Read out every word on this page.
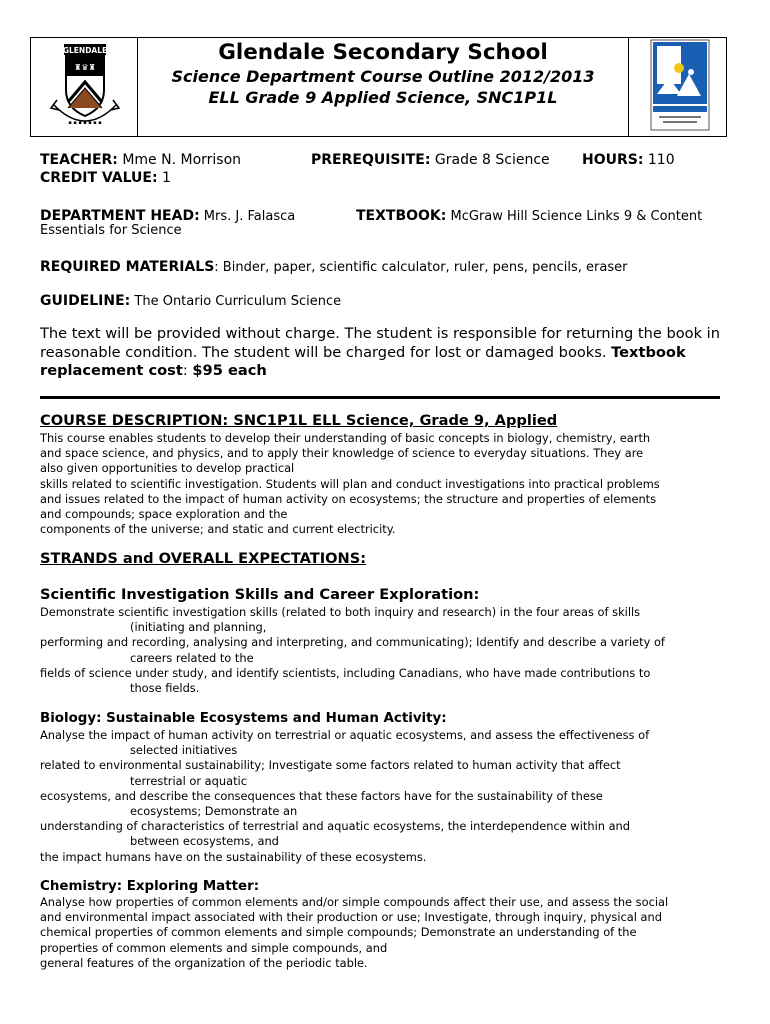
GLENDALE
♜♛♜
▪ ▪ ▪ ▪ ▪ ▪ ▪
Glendale Secondary School
Science Department Course Outline 2012/2013
ELL Grade 9 Applied Science, SNC1P1L
TEACHER: Mme N. Morrison	PREREQUISITE: Grade 8 Science HOURS: 110
CREDIT VALUE: 1
DEPARTMENT HEAD: Mrs. J. Falasca	TEXTBOOK: McGraw Hill Science Links 9 & Content
Essentials for Science
REQUIRED MATERIALS: Binder, paper, scientific calculator, ruler, pens, pencils, eraser
GUIDELINE: The Ontario Curriculum Science
The text will be provided without charge. The student is responsible for returning the book in reasonable condition. The student will be charged for lost or damaged books. Textbook replacement cost: $95 each
COURSE DESCRIPTION: SNC1P1L ELL Science, Grade 9, Applied
This course enables students to develop their understanding of basic concepts in biology, chemistry, earth
and space science, and physics, and to apply their knowledge of science to everyday situations. They are
also given opportunities to develop practical
skills related to scientific investigation. Students will plan and conduct investigations into practical problems
and issues related to the impact of human activity on ecosystems; the structure and properties of elements
and compounds; space exploration and the
components of the universe; and static and current electricity.
STRANDS and OVERALL EXPECTATIONS:
Scientific Investigation Skills and Career Exploration:
Demonstrate scientific investigation skills (related to both inquiry and research) in the four areas of skills
(initiating and planning,
performing and recording, analysing and interpreting, and communicating); Identify and describe a variety of
careers related to the
fields of science under study, and identify scientists, including Canadians, who have made contributions to
those fields.
Biology: Sustainable Ecosystems and Human Activity:
Analyse the impact of human activity on terrestrial or aquatic ecosystems, and assess the effectiveness of
selected initiatives
related to environmental sustainability; Investigate some factors related to human activity that affect
terrestrial or aquatic
ecosystems, and describe the consequences that these factors have for the sustainability of these
ecosystems; Demonstrate an
understanding of characteristics of terrestrial and aquatic ecosystems, the interdependence within and
between ecosystems, and
the impact humans have on the sustainability of these ecosystems.
Chemistry: Exploring Matter:
Analyse how properties of common elements and/or simple compounds affect their use, and assess the social
and environmental impact associated with their production or use; Investigate, through inquiry, physical and
chemical properties of common elements and simple compounds; Demonstrate an understanding of the
properties of common elements and simple compounds, and
general features of the organization of the periodic table.
